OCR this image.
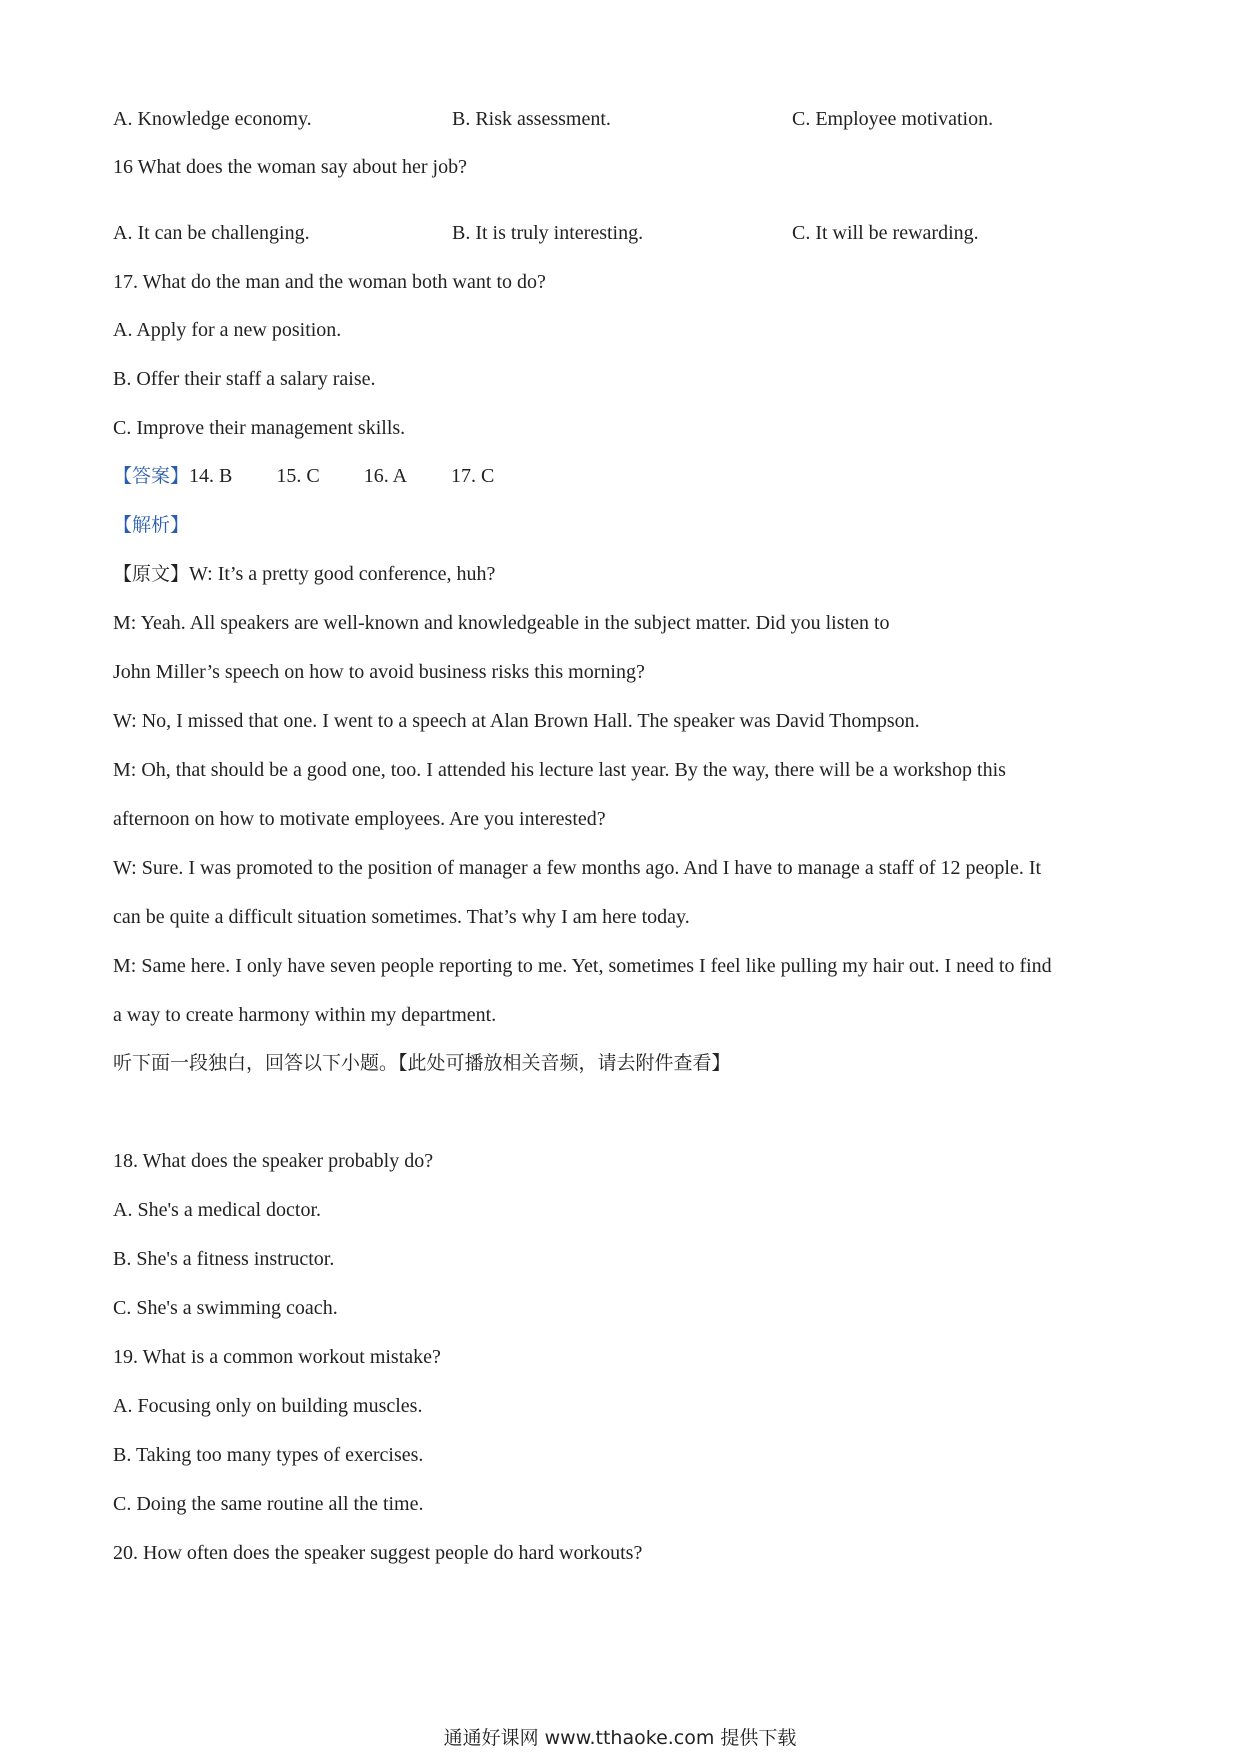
A. Knowledge economy.	B. Risk assessment.	C. Employee motivation.
16 What does the woman say about her job?
A. It can be challenging.	B. It is truly interesting.	C. It will be rewarding.
17. What do the man and the woman both want to do?
A. Apply for a new position.
B. Offer their staff a salary raise.
C. Improve their management skills.
【答案】14. B 15. C 16. A 17. C
【解析】
【原文】W: It’s a pretty good conference, huh?
M: Yeah. All speakers are well-known and knowledgeable in the subject matter. Did you listen to
John Miller’s speech on how to avoid business risks this morning?
W: No, I missed that one. I went to a speech at Alan Brown Hall. The speaker was David Thompson.
M: Oh, that should be a good one, too. I attended his lecture last year. By the way, there will be a workshop this
afternoon on how to motivate employees. Are you interested?
W: Sure. I was promoted to the position of manager a few months ago. And I have to manage a staff of 12 people. It
can be quite a difficult situation sometimes. That’s why I am here today.
M: Same here. I only have seven people reporting to me. Yet, sometimes I feel like pulling my hair out. I need to find
a way to create harmony within my department.
听下面一段独白，回答以下小题。【此处可播放相关音频，请去附件查看】
18. What does the speaker probably do?
A. She's a medical doctor.
B. She's a fitness instructor.
C. She's a swimming coach.
19. What is a common workout mistake?
A. Focusing only on building muscles.
B. Taking too many types of exercises.
C. Doing the same routine all the time.
20. How often does the speaker suggest people do hard workouts?
通通好课网 www.tthaoke.com 提供下载
